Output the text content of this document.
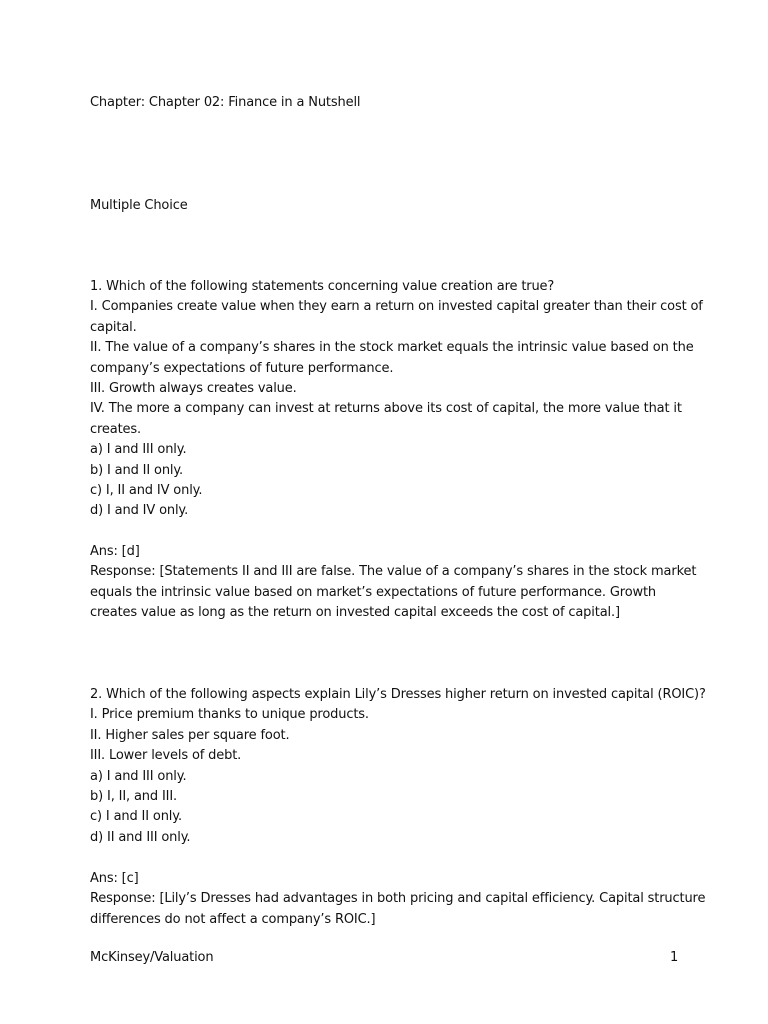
Chapter: Chapter 02: Finance in a Nutshell
Multiple Choice
1. Which of the following statements concerning value creation are true?
I. Companies create value when they earn a return on invested capital greater than their cost of
capital.
II. The value of a company’s shares in the stock market equals the intrinsic value based on the
company’s expectations of future performance.
III. Growth always creates value.
IV. The more a company can invest at returns above its cost of capital, the more value that it
creates.
a) I and III only.
b) I and II only.
c) I, II and IV only.
d) I and IV only.
Ans: [d]
Response: [Statements II and III are false. The value of a company’s shares in the stock market
equals the intrinsic value based on market’s expectations of future performance. Growth
creates value as long as the return on invested capital exceeds the cost of capital.]
2. Which of the following aspects explain Lily’s Dresses higher return on invested capital (ROIC)?
I. Price premium thanks to unique products.
II. Higher sales per square foot.
III. Lower levels of debt.
a) I and III only.
b) I, II, and III.
c) I and II only.
d) II and III only.
Ans: [c]
Response: [Lily’s Dresses had advantages in both pricing and capital efficiency. Capital structure
differences do not affect a company’s ROIC.]
McKinsey/Valuation	1
